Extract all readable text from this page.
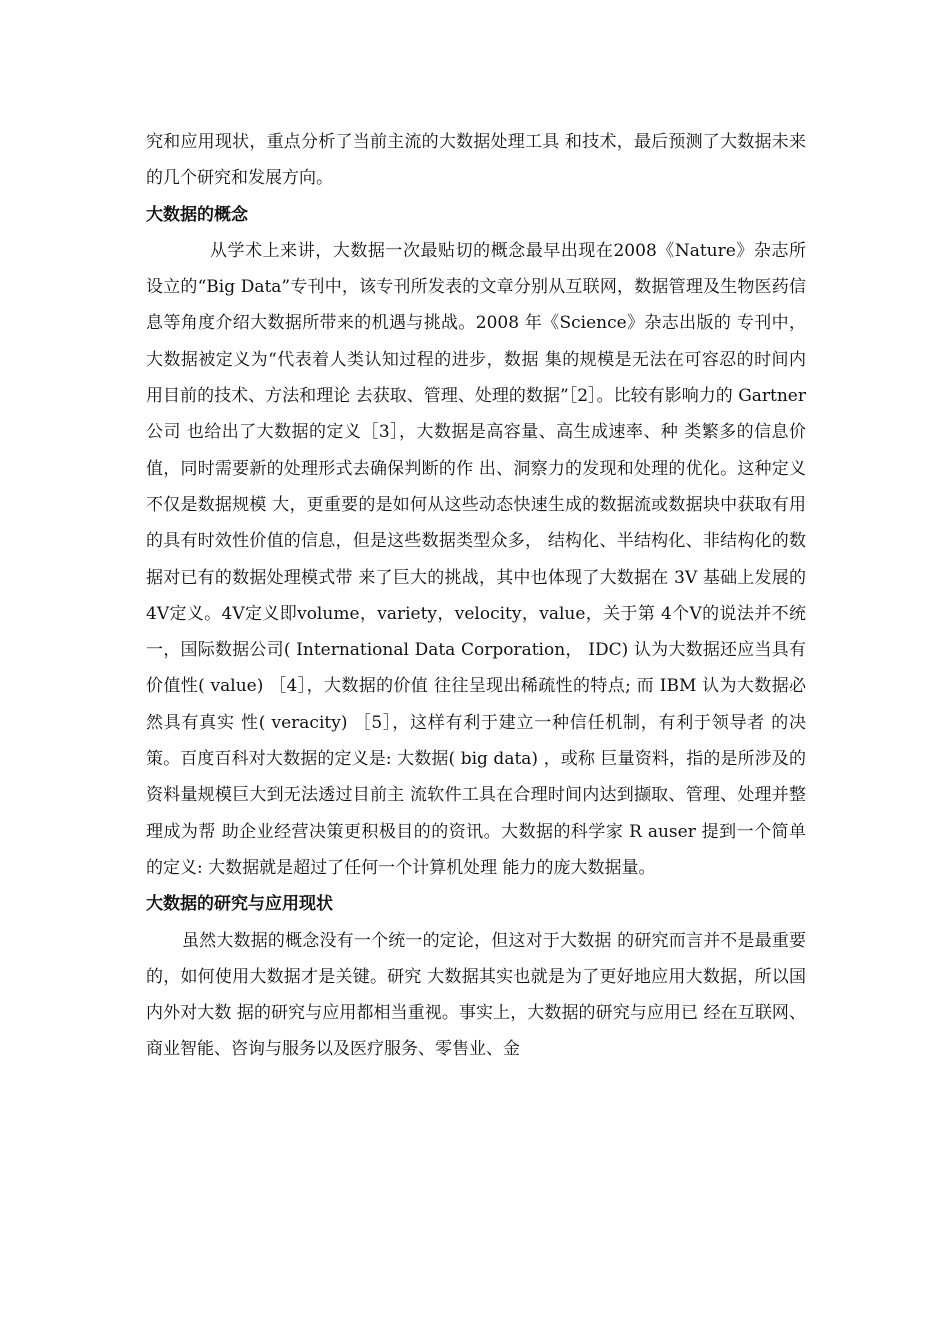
究和应用现状，重点分析了当前主流的大数据处理工具 和技术，最后预测了大数据未来的几个研究和发展方向。

大数据的概念

从学术上来讲，大数据一次最贴切的概念最早出现在2008《Nature》杂志所设立的“Big Data”专刊中，该专刊所发表的文章分别从互联网，数据管理及生物医药信息等角度介绍大数据所带来的机遇与挑战。2008 年《Science》杂志出版的 专刊中，大数据被定义为“代表着人类认知过程的进步，数据 集的规模是无法在可容忍的时间内用目前的技术、方法和理论 去获取、管理、处理的数据”［2］。比较有影响力的 Gartner 公司 也给出了大数据的定义［3］，大数据是高容量、高生成速率、种 类繁多的信息价值，同时需要新的处理形式去确保判断的作 出、洞察力的发现和处理的优化。这种定义不仅是数据规模 大，更重要的是如何从这些动态快速生成的数据流或数据块中获取有用的具有时效性价值的信息，但是这些数据类型众多， 结构化、半结构化、非结构化的数据对已有的数据处理模式带 来了巨大的挑战，其中也体现了大数据在 3V 基础上发展的4V定义。4V定义即volume，variety，velocity，value，关于第 4个V的说法并不统一，国际数据公司( International Data Corporation， IDC) 认为大数据还应当具有价值性( value) ［4］，大数据的价值 往往呈现出稀疏性的特点; 而 IBM 认为大数据必然具有真实 性( veracity) ［5］，这样有利于建立一种信任机制，有利于领导者 的决策。百度百科对大数据的定义是: 大数据( big data) ，或称 巨量资料，指的是所涉及的资料量规模巨大到无法透过目前主 流软件工具在合理时间内达到撷取、管理、处理并整理成为帮 助企业经营决策更积极目的的资讯。大数据的科学家 R auser 提到一个简单的定义: 大数据就是超过了任何一个计算机处理 能力的庞大数据量。

大数据的研究与应用现状

虽然大数据的概念没有一个统一的定论，但这对于大数据 的研究而言并不是最重要的，如何使用大数据才是关键。研究 大数据其实也就是为了更好地应用大数据，所以国内外对大数 据的研究与应用都相当重视。事实上，大数据的研究与应用已 经在互联网、商业智能、咨询与服务以及医疗服务、零售业、金
